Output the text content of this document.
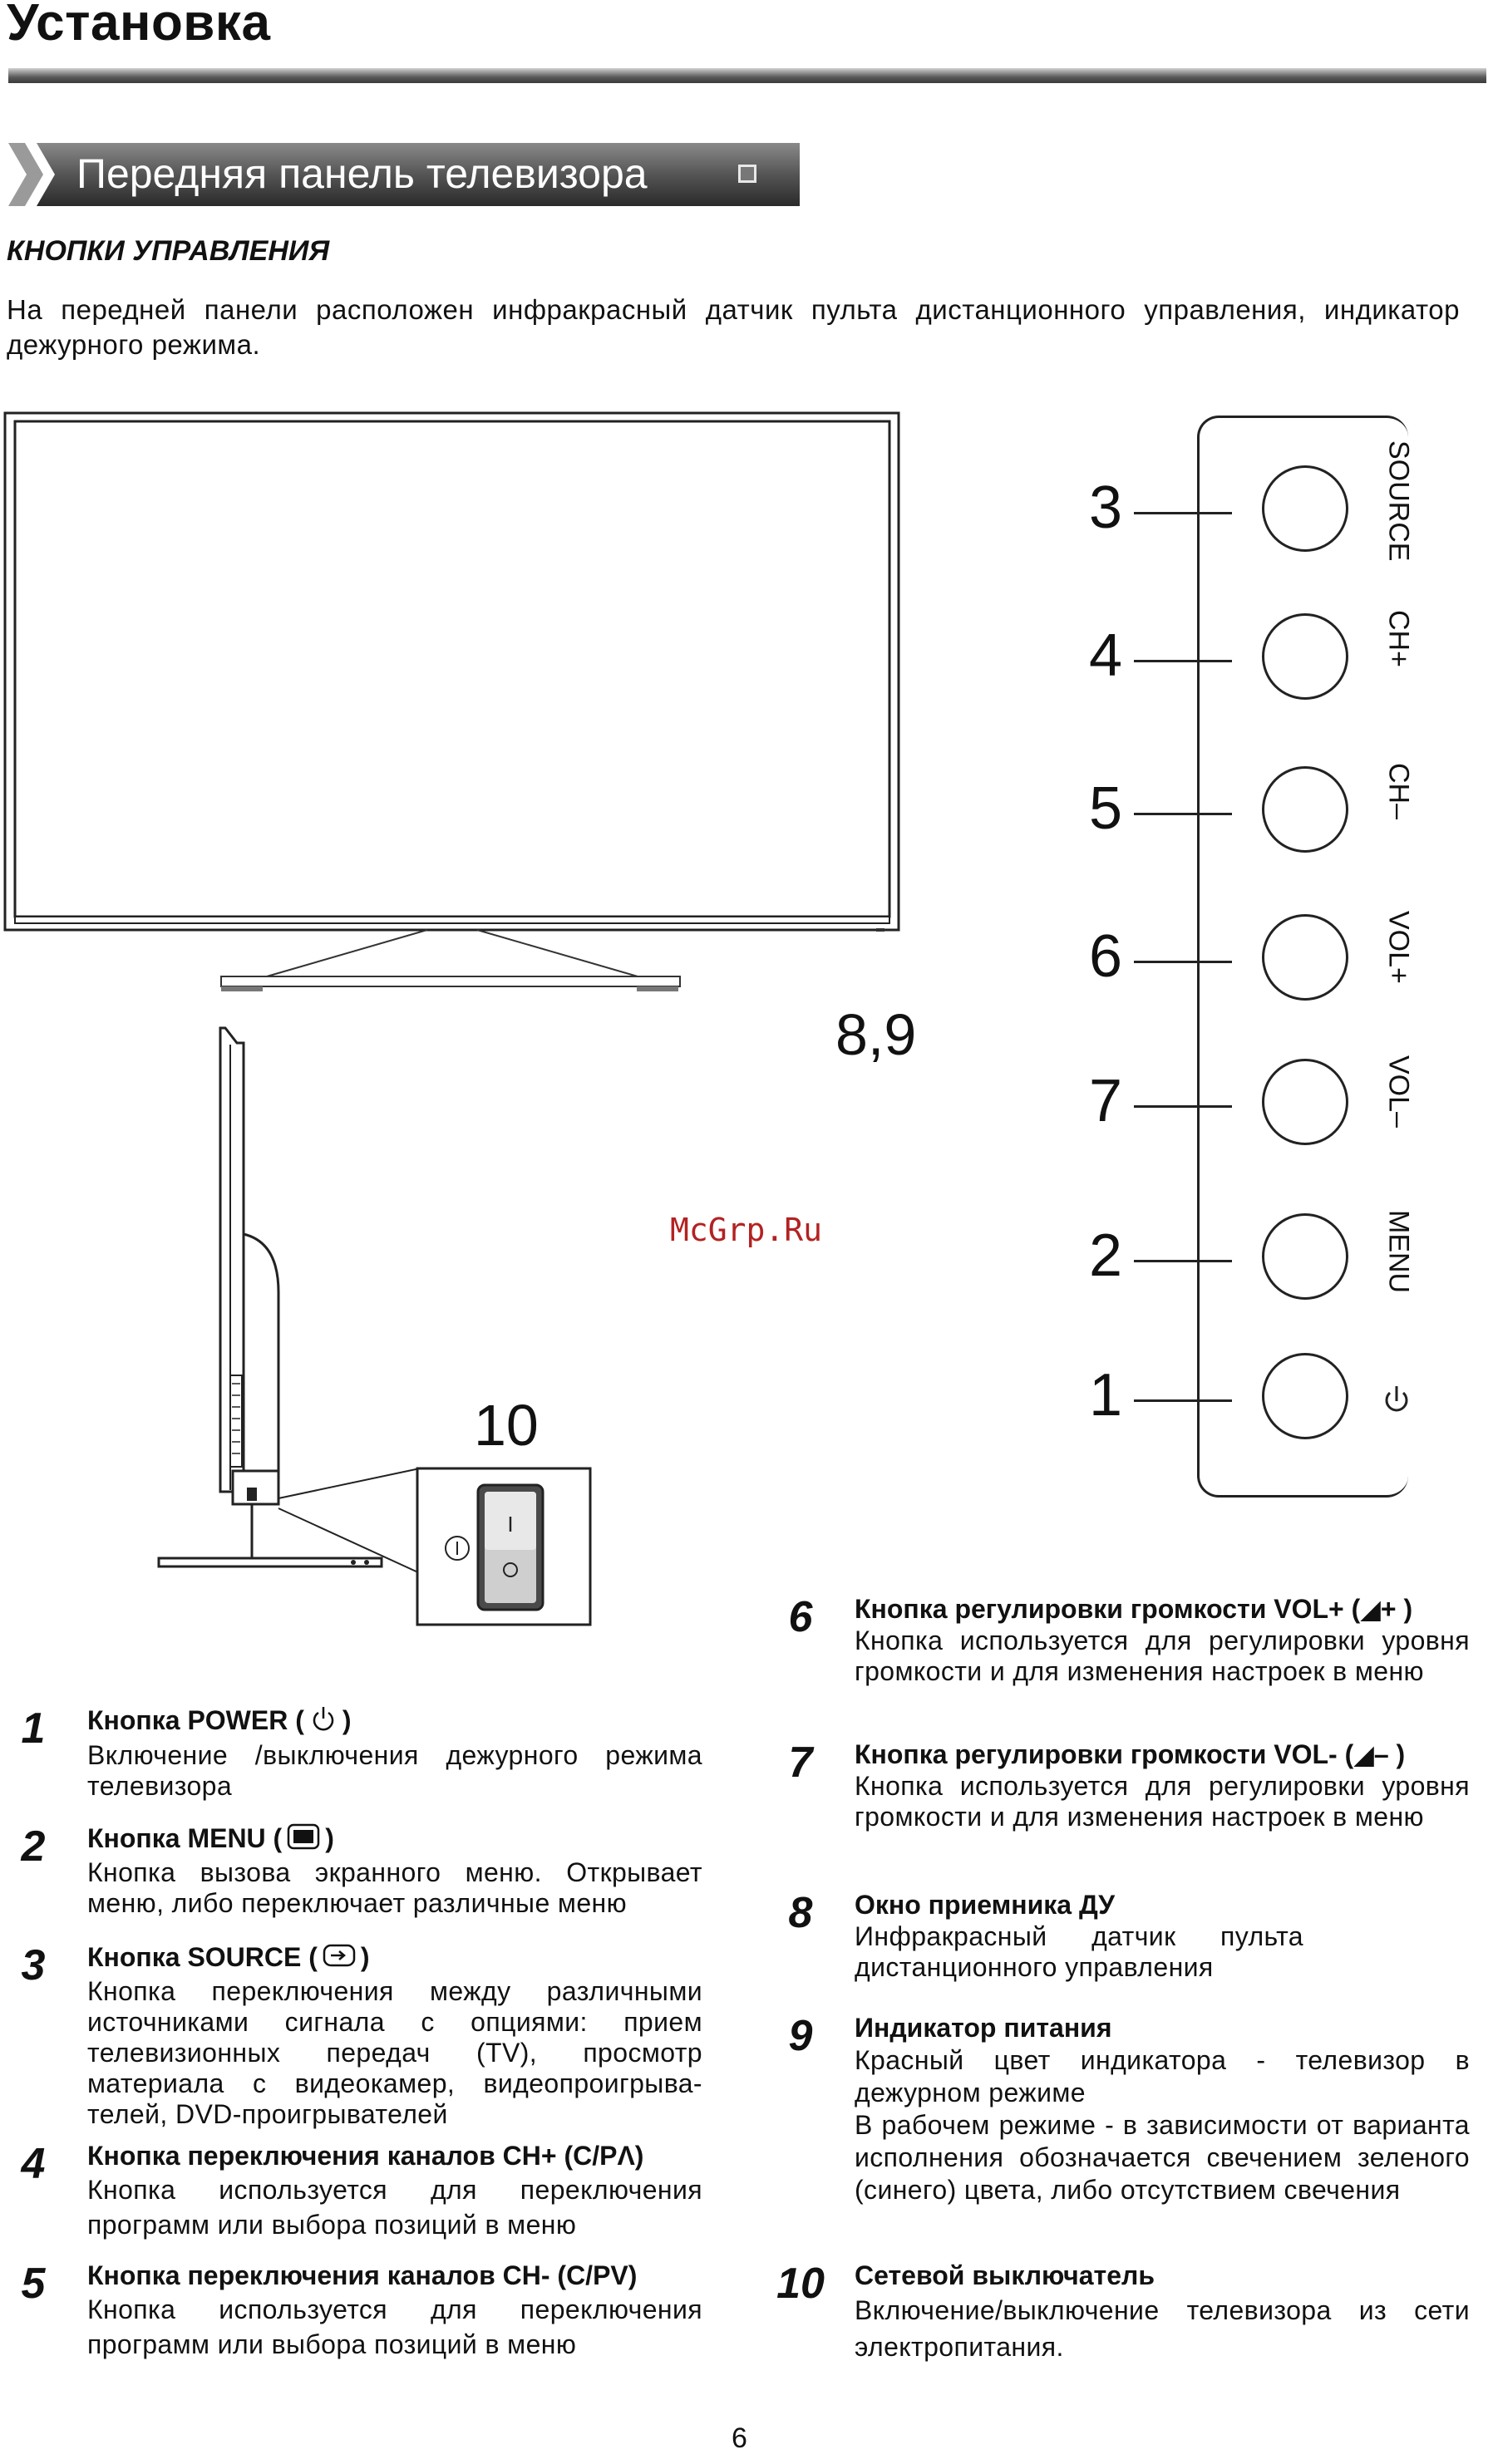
Установка
Передняя панель телевизора
КНОПКИ УПРАВЛЕНИЯ
На передней панели расположен инфракрасный датчик пульта дистанционного управления, индикатор дежурного режима.
8,9
10
I
3	SOURCE
4	CH+
5	CH–
6	VOL+
7	VOL–
2	MENU
1
McGrp.Ru
1	Кнопка POWER ( )
Включение /выключения дежурного режима телевизора
2	Кнопка MENU ( )
Кнопка вызова экранного меню. Открывает меню, либо переключает различные меню
3	Кнопка SOURCE ( )
Кнопка переключения между различными источниками сигнала с опциями: прием телевизионных передач (TV), просмотр материала с видеокамер, видеопроигрыва-телей, DVD-проигрывателей
4	Кнопка переключения каналов CH+ (C/PΛ)
Кнопка используется для переключения программ или выбора позиций в меню
5	Кнопка переключения каналов CH- (C/PV)
Кнопка используется для переключения программ или выбора позиций в меню
6	Кнопка регулировки громкости VOL+ (◢+ )
Кнопка используется для регулировки уровня громкости и для изменения настроек в меню
7	Кнопка регулировки громкости VOL- (◢– )
Кнопка используется для регулировки уровня громкости и для изменения настроек в меню
8	Окно приемника ДУ
Инфракрасный датчик пульта дистанционного управления
9	Индикатор питания
Красный цвет индикатора - телевизор в дежурном режиме
В рабочем режиме - в зависимости от варианта исполнения обозначается свечением зеленого (синего) цвета, либо отсутствием свечения
10 Сетевой выключатель
Включение/выключение телевизора из сети электропитания.
6
